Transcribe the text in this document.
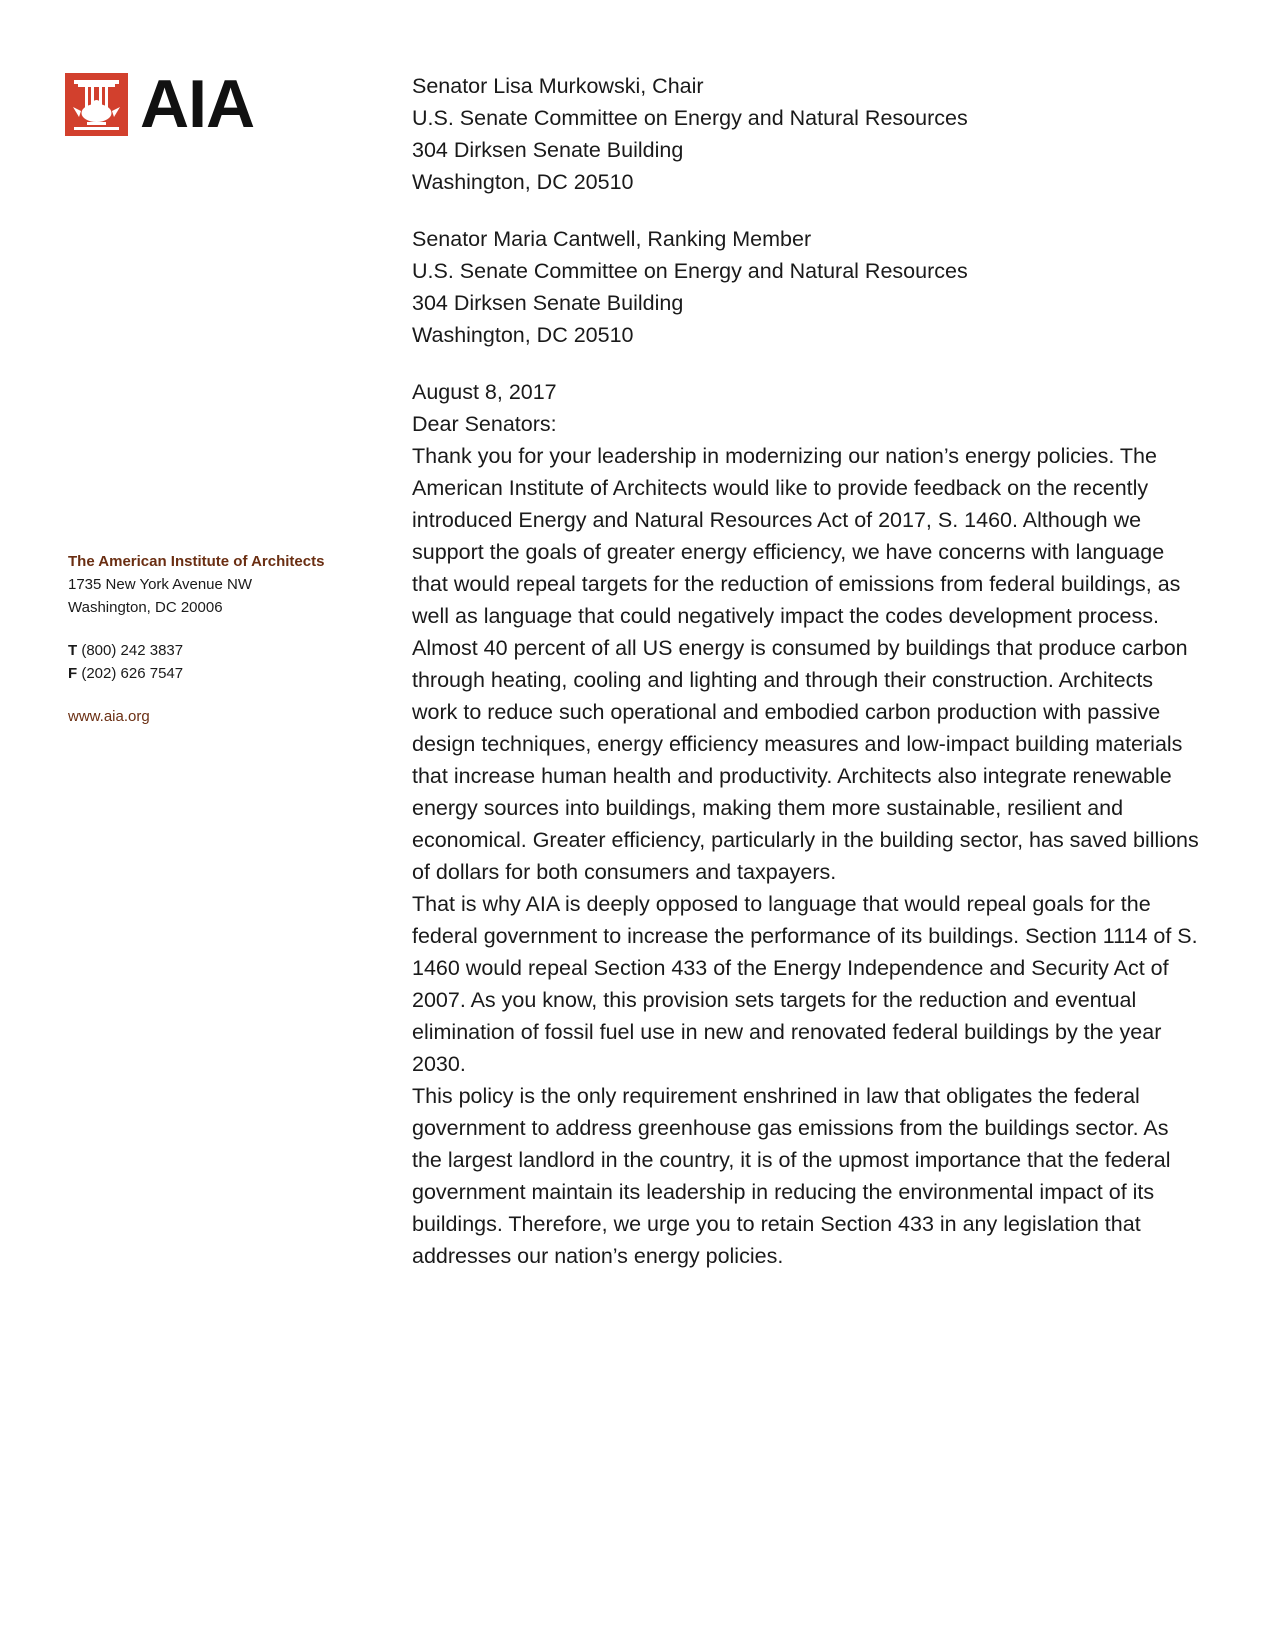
AIA
The American Institute of Architects
1735 New York Avenue NW
Washington, DC 20006
T (800) 242 3837
F (202) 626 7547
www.aia.org

Senator Lisa Murkowski, Chair

U.S. Senate Committee on Energy and Natural Resources

304 Dirksen Senate Building

Washington, DC 20510

Senator Maria Cantwell, Ranking Member

U.S. Senate Committee on Energy and Natural Resources

304 Dirksen Senate Building

Washington, DC 20510

August 8, 2017

Dear Senators:

Thank you for your leadership in modernizing our nation’s energy policies. The American Institute of Architects would like to provide feedback on the recently introduced Energy and Natural Resources Act of 2017, S. 1460. Although we support the goals of greater energy efficiency, we have concerns with language that would repeal targets for the reduction of emissions from federal buildings, as well as language that could negatively impact the codes development process.

Almost 40 percent of all US energy is consumed by buildings that produce carbon through heating, cooling and lighting and through their construction. Architects work to reduce such operational and embodied carbon production with passive design techniques, energy efficiency measures and low-impact building materials that increase human health and productivity. Architects also integrate renewable energy sources into buildings, making them more sustainable, resilient and economical. Greater efficiency, particularly in the building sector, has saved billions of dollars for both consumers and taxpayers.

That is why AIA is deeply opposed to language that would repeal goals for the federal government to increase the performance of its buildings. Section 1114 of S. 1460 would repeal Section 433 of the Energy Independence and Security Act of 2007. As you know, this provision sets targets for the reduction and eventual elimination of fossil fuel use in new and renovated federal buildings by the year 2030.

This policy is the only requirement enshrined in law that obligates the federal government to address greenhouse gas emissions from the buildings sector. As the largest landlord in the country, it is of the upmost importance that the federal government maintain its leadership in reducing the environmental impact of its buildings. Therefore, we urge you to retain Section 433 in any legislation that addresses our nation’s energy policies.
